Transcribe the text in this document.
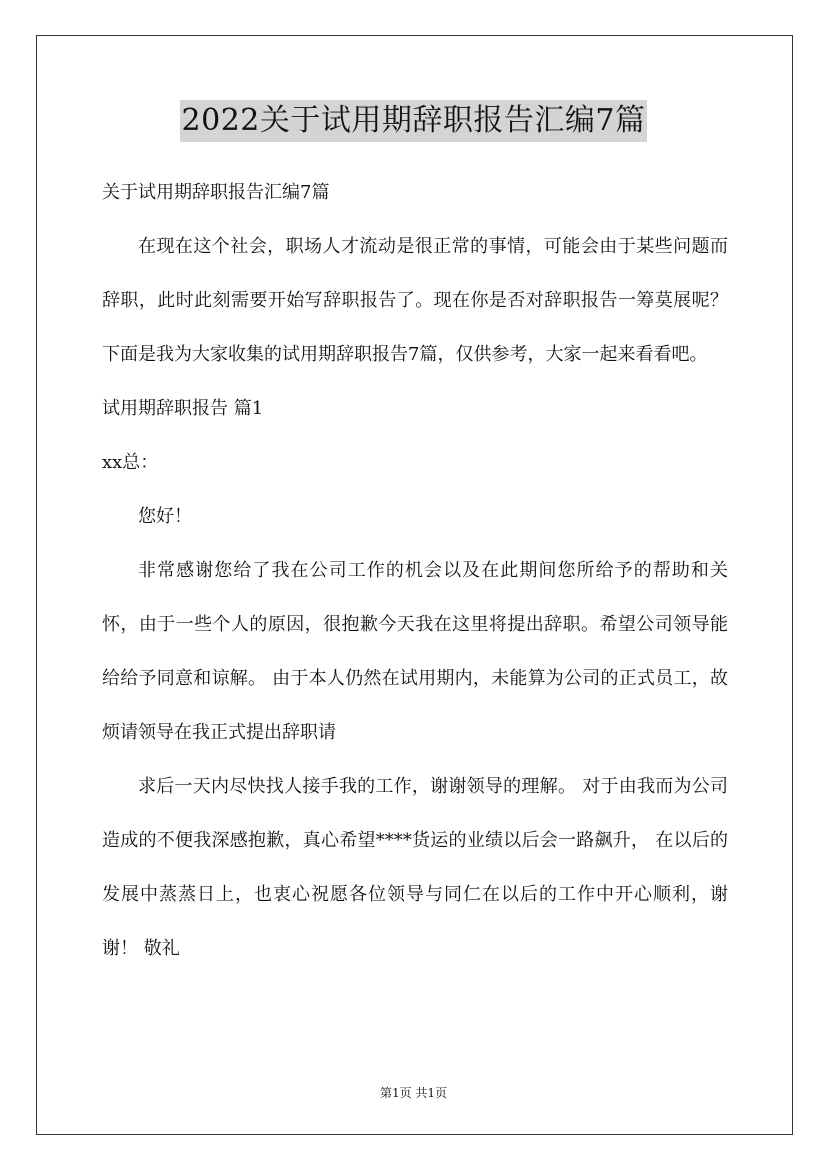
2022关于试用期辞职报告汇编7篇

关于试用期辞职报告汇编7篇

在现在这个社会，职场人才流动是很正常的事情，可能会由于某些问题而辞职，此时此刻需要开始写辞职报告了。现在你是否对辞职报告一筹莫展呢？下面是我为大家收集的试用期辞职报告7篇，仅供参考，大家一起来看看吧。

试用期辞职报告 篇1

xx总：

您好！

非常感谢您给了我在公司工作的机会以及在此期间您所给予的帮助和关怀，由于一些个人的原因，很抱歉今天我在这里将提出辞职。希望公司领导能给给予同意和谅解。 由于本人仍然在试用期内，未能算为公司的正式员工，故烦请领导在我正式提出辞职请

求后一天内尽快找人接手我的工作，谢谢领导的理解。 对于由我而为公司造成的不便我深感抱歉，真心希望****货运的业绩以后会一路飙升， 在以后的发展中蒸蒸日上，也衷心祝愿各位领导与同仁在以后的工作中开心顺利，谢谢！ 敬礼

第1页 共1页
